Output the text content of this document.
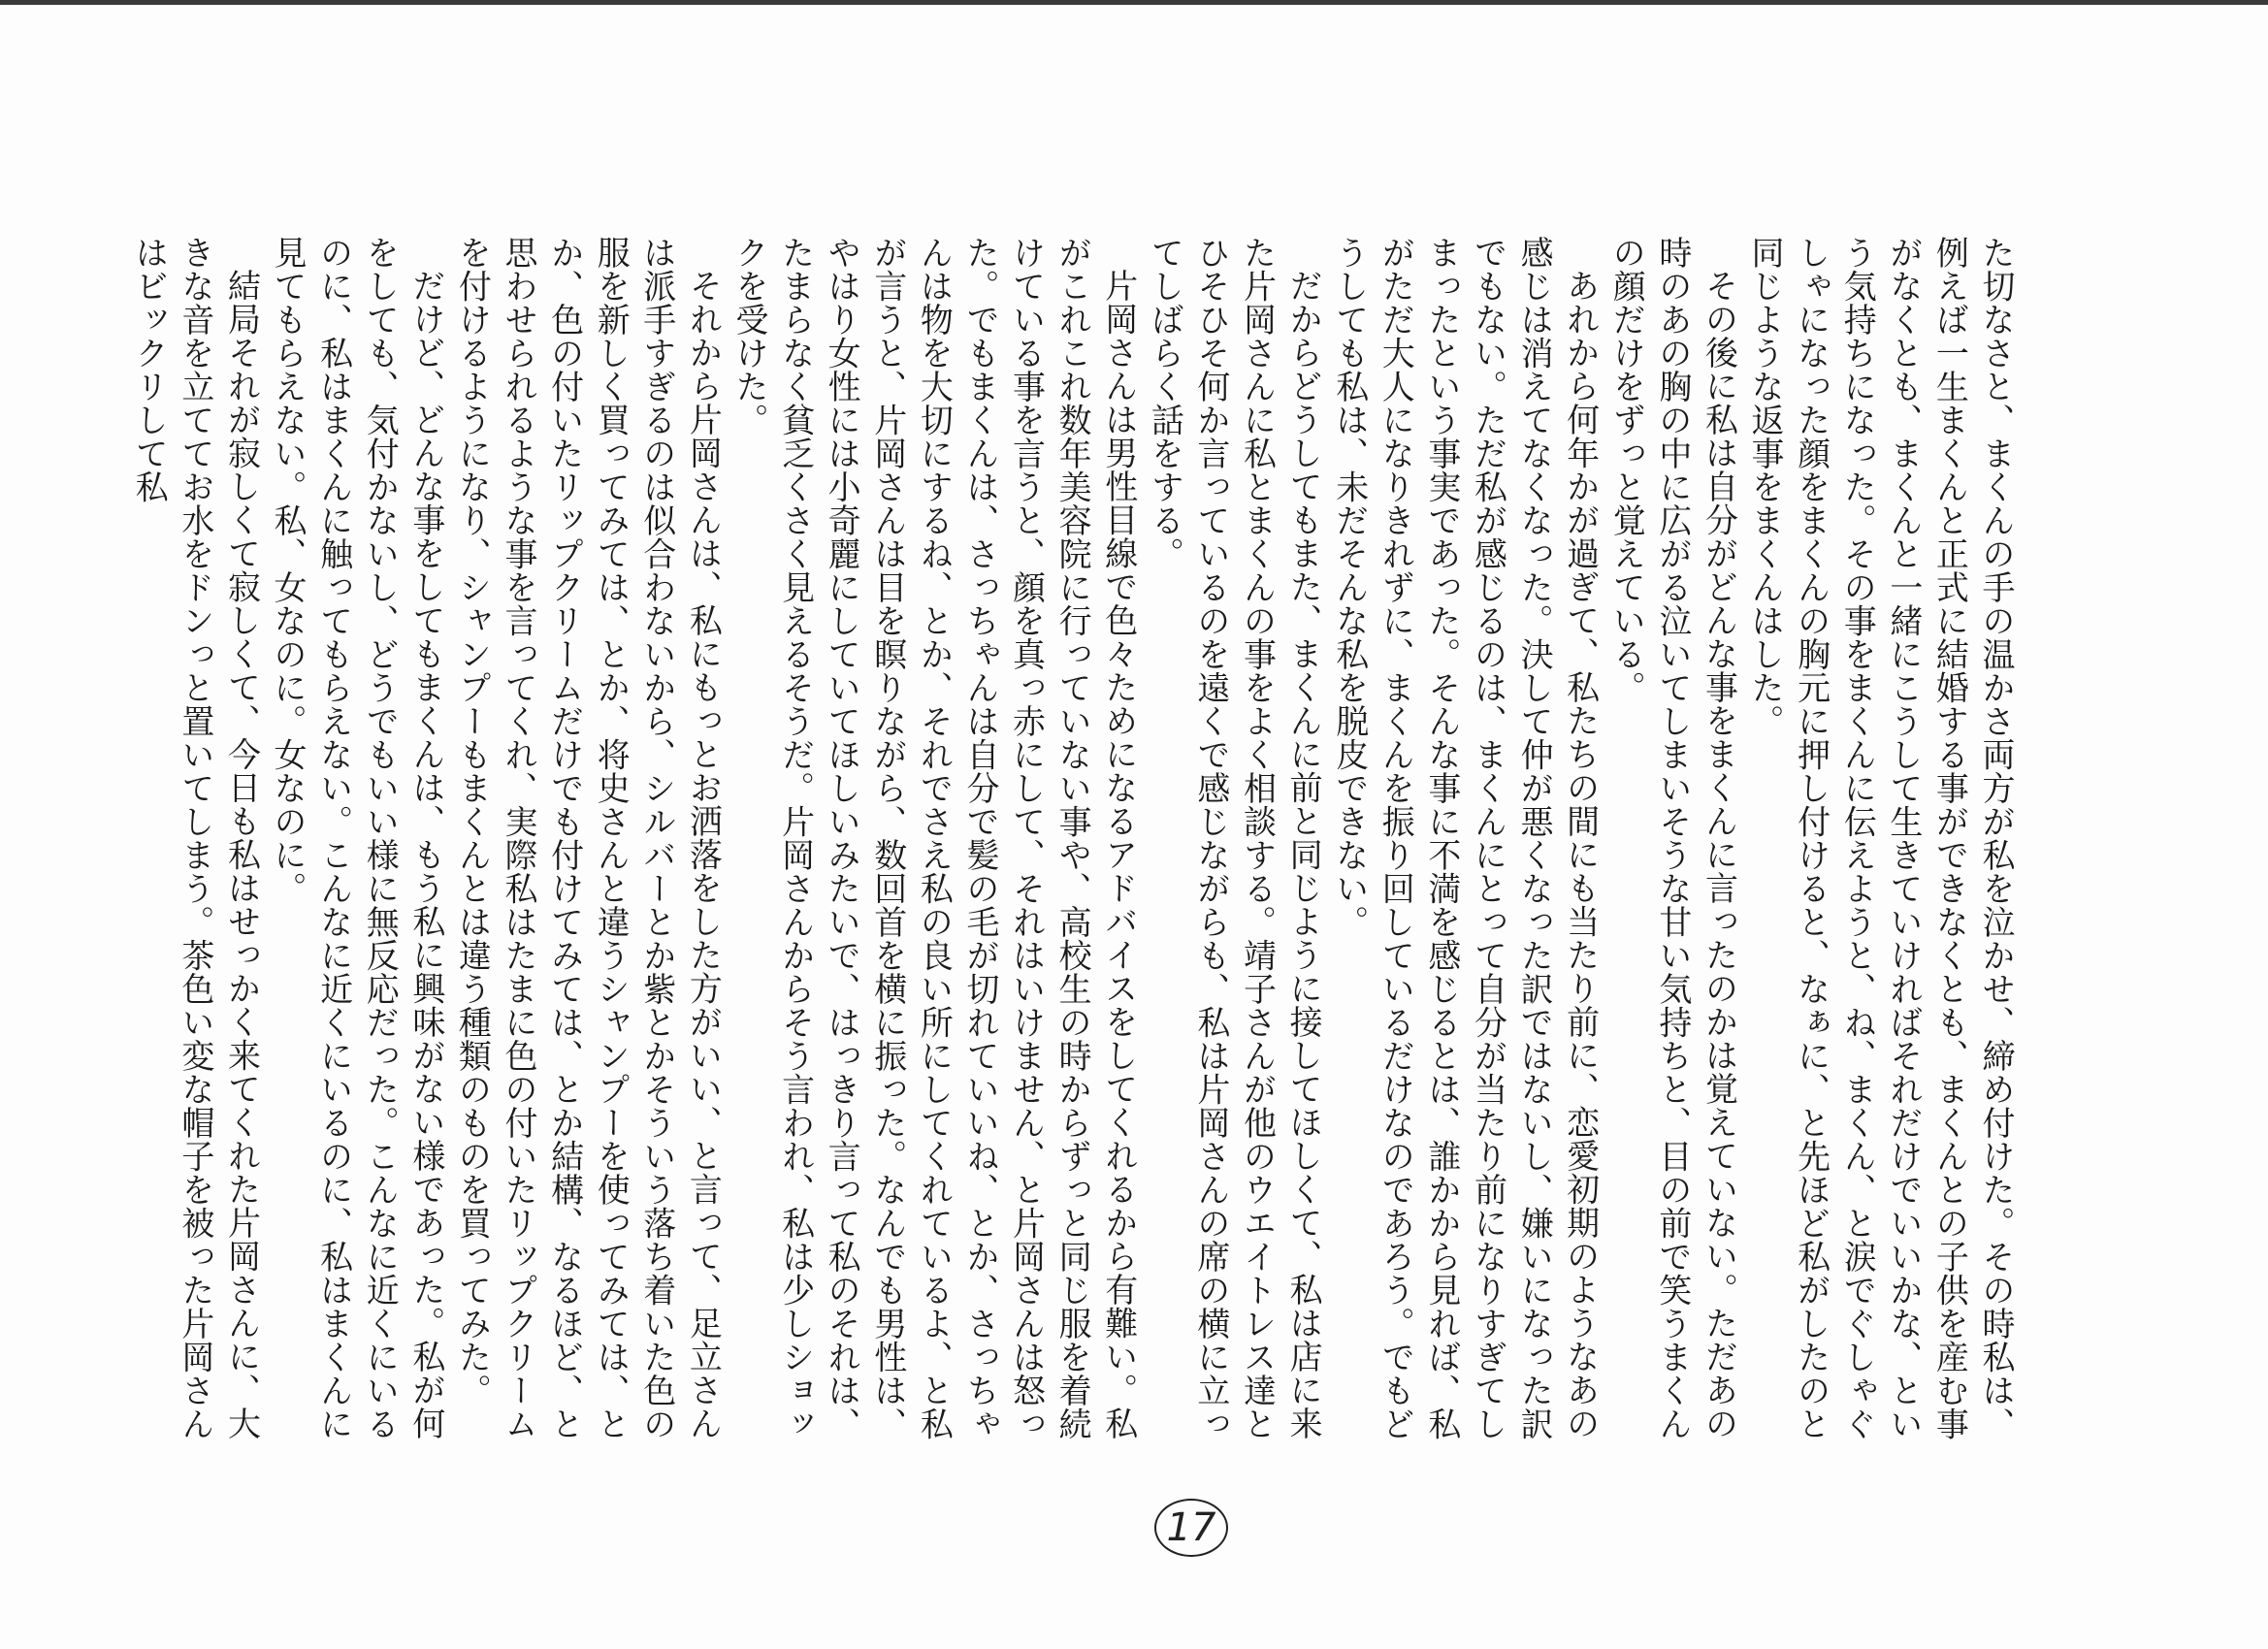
た切なさと、まくんの手の温かさ両方が私を泣かせ、締め付けた。その時私は、例えば一生まくんと正式に結婚する事ができなくとも、まくんとの子供を産む事がなくとも、まくんと一緒にこうして生きていければそれだけでいいかな、という気持ちになった。その事をまくんに伝えようと、ね、まくん、と涙でぐしゃぐしゃになった顔をまくんの胸元に押し付けると、なぁに、と先ほど私がしたのと同じような返事をまくんはした。

その後に私は自分がどんな事をまくんに言ったのかは覚えていない。ただあの時のあの胸の中に広がる泣いてしまいそうな甘い気持ちと、目の前で笑うまくんの顔だけをずっと覚えている。

あれから何年かが過ぎて、私たちの間にも当たり前に、恋愛初期のようなあの感じは消えてなくなった。決して仲が悪くなった訳ではないし、嫌いになった訳でもない。ただ私が感じるのは、まくんにとって自分が当たり前になりすぎてしまったという事実であった。そんな事に不満を感じるとは、誰かから見れば、私がただ大人になりきれずに、まくんを振り回しているだけなのであろう。でもどうしても私は、未だそんな私を脱皮できない。

だからどうしてもまた、まくんに前と同じように接してほしくて、私は店に来た片岡さんに私とまくんの事をよく相談する。靖子さんが他のウエイトレス達とひそひそ何か言っているのを遠くで感じながらも、私は片岡さんの席の横に立ってしばらく話をする。

片岡さんは男性目線で色々ためになるアドバイスをしてくれるから有難い。私がこれこれ数年美容院に行っていない事や、高校生の時からずっと同じ服を着続けている事を言うと、顔を真っ赤にして、それはいけません、と片岡さんは怒った。でもまくんは、さっちゃんは自分で髪の毛が切れていいね、とか、さっちゃんは物を大切にするね、とか、それでさえ私の良い所にしてくれているよ、と私が言うと、片岡さんは目を瞑りながら、数回首を横に振った。なんでも男性は、やはり女性には小奇麗にしていてほしいみたいで、はっきり言って私のそれは、たまらなく貧乏くさく見えるそうだ。片岡さんからそう言われ、私は少しショックを受けた。

それから片岡さんは、私にもっとお洒落をした方がいい、と言って、足立さんは派手すぎるのは似合わないから、シルバーとか紫とかそういう落ち着いた色の服を新しく買ってみては、とか、将史さんと違うシャンプーを使ってみては、とか、色の付いたリップクリームだけでも付けてみては、とか結構、なるほど、と思わせられるような事を言ってくれ、実際私はたまに色の付いたリップクリームを付けるようになり、シャンプーもまくんとは違う種類のものを買ってみた。

だけど、どんな事をしてもまくんは、もう私に興味がない様であった。私が何をしても、気付かないし、どうでもいい様に無反応だった。こんなに近くにいるのに、私はまくんに触ってもらえない。こんなに近くにいるのに、私はまくんに見てもらえない。私、女なのに。女なのに。

結局それが寂しくて寂しくて、今日も私はせっかく来てくれた片岡さんに、大きな音を立ててお水をドンっと置いてしまう。茶色い変な帽子を被った片岡さんはビックリして私

17
